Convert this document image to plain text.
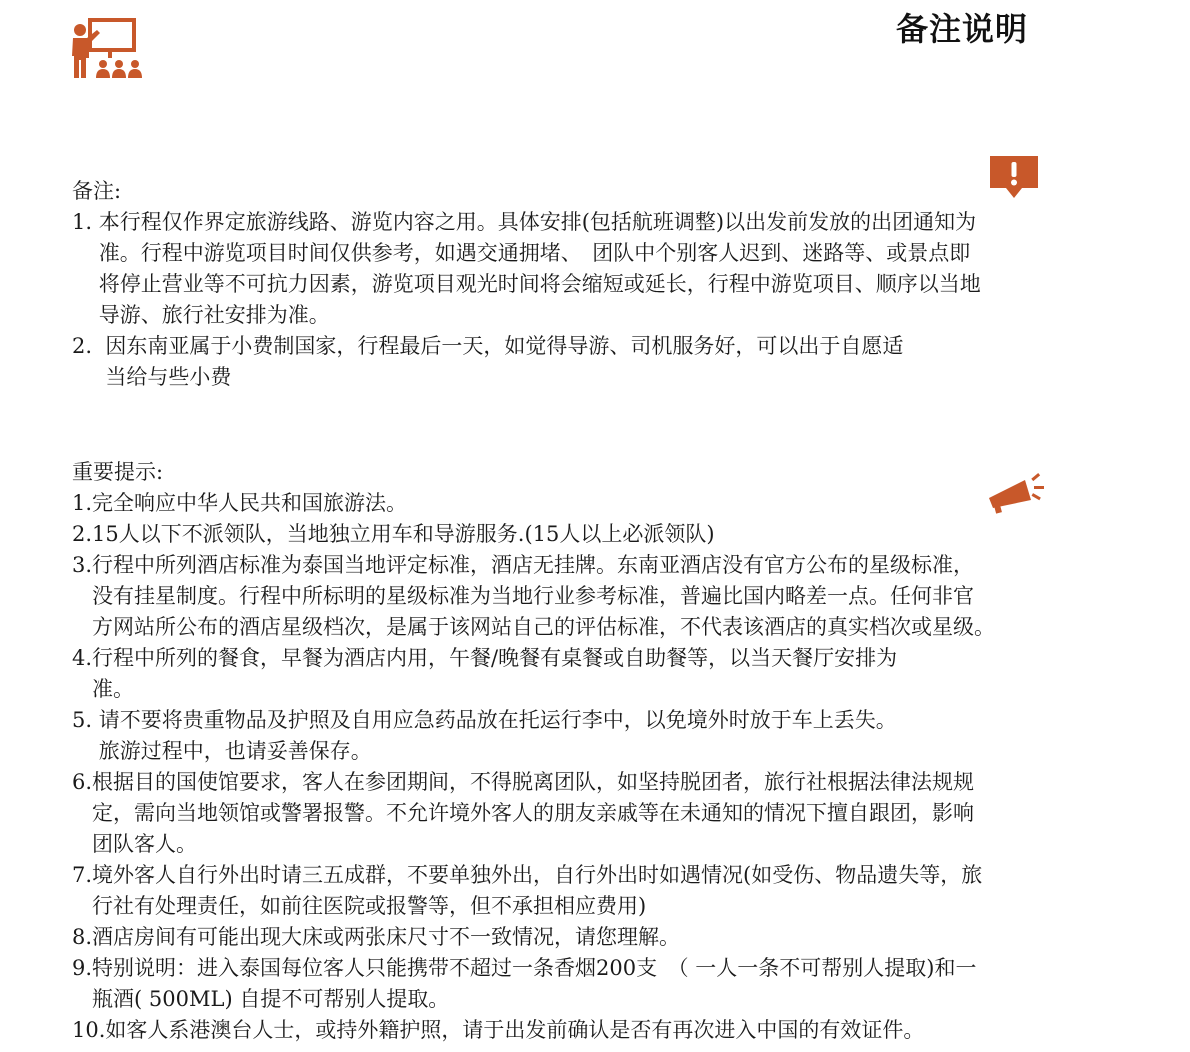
备注说明

备注:

1. 本行程仅作界定旅游线路、游览内容之用。具体安排(包括航班调整)以出发前发放的出团通知为
准。行程中游览项目时间仅供参考，如遇交通拥堵、　团队中个别客人迟到、迷路等、或景点即
将停止营业等不可抗力因素，游览项目观光时间将会缩短或延长，行程中游览项目、顺序以当地
导游、旅行社安排为准。
2. 因东南亚属于小费制国家，行程最后一天，如觉得导游、司机服务好，可以出于自愿适
当给与些小费

重要提示:

1. 完全响应中华人民共和国旅游法。
2. 15人以下不派领队，当地独立用车和导游服务.(15人以上必派领队)
3. 行程中所列酒店标准为泰国当地评定标准，酒店无挂牌。东南亚酒店没有官方公布的星级标准，
没有挂星制度。行程中所标明的星级标准为当地行业参考标准，普遍比国内略差一点。任何非官
方网站所公布的酒店星级档次，是属于该网站自己的评估标准，不代表该酒店的真实档次或星级。
4. 行程中所列的餐食，早餐为酒店内用，午餐/晚餐有桌餐或自助餐等，以当天餐厅安排为
准。
5. 请不要将贵重物品及护照及自用应急药品放在托运行李中，以免境外时放于车上丢失。
旅游过程中，也请妥善保存。
6. 根据目的国使馆要求，客人在参团期间，不得脱离团队，如坚持脱团者，旅行社根据法律法规规
定，需向当地领馆或警署报警。不允许境外客人的朋友亲戚等在未通知的情况下擅自跟团，影响
团队客人。
7. 境外客人自行外出时请三五成群，不要单独外出，自行外出时如遇情况(如受伤、物品遗失等，旅
行社有处理责任，如前往医院或报警等，但不承担相应费用)
8. 酒店房间有可能出现大床或两张床尺寸不一致情况，请您理解。
9. 特别说明：进入泰国每位客人只能携带不超过一条香烟200支　（ 一人一条不可帮别人提取)和一
瓶酒( 500ML) 自提不可帮别人提取。
10. 如客人系港澳台人士，或持外籍护照，请于出发前确认是否有再次进入中国的有效证件。
